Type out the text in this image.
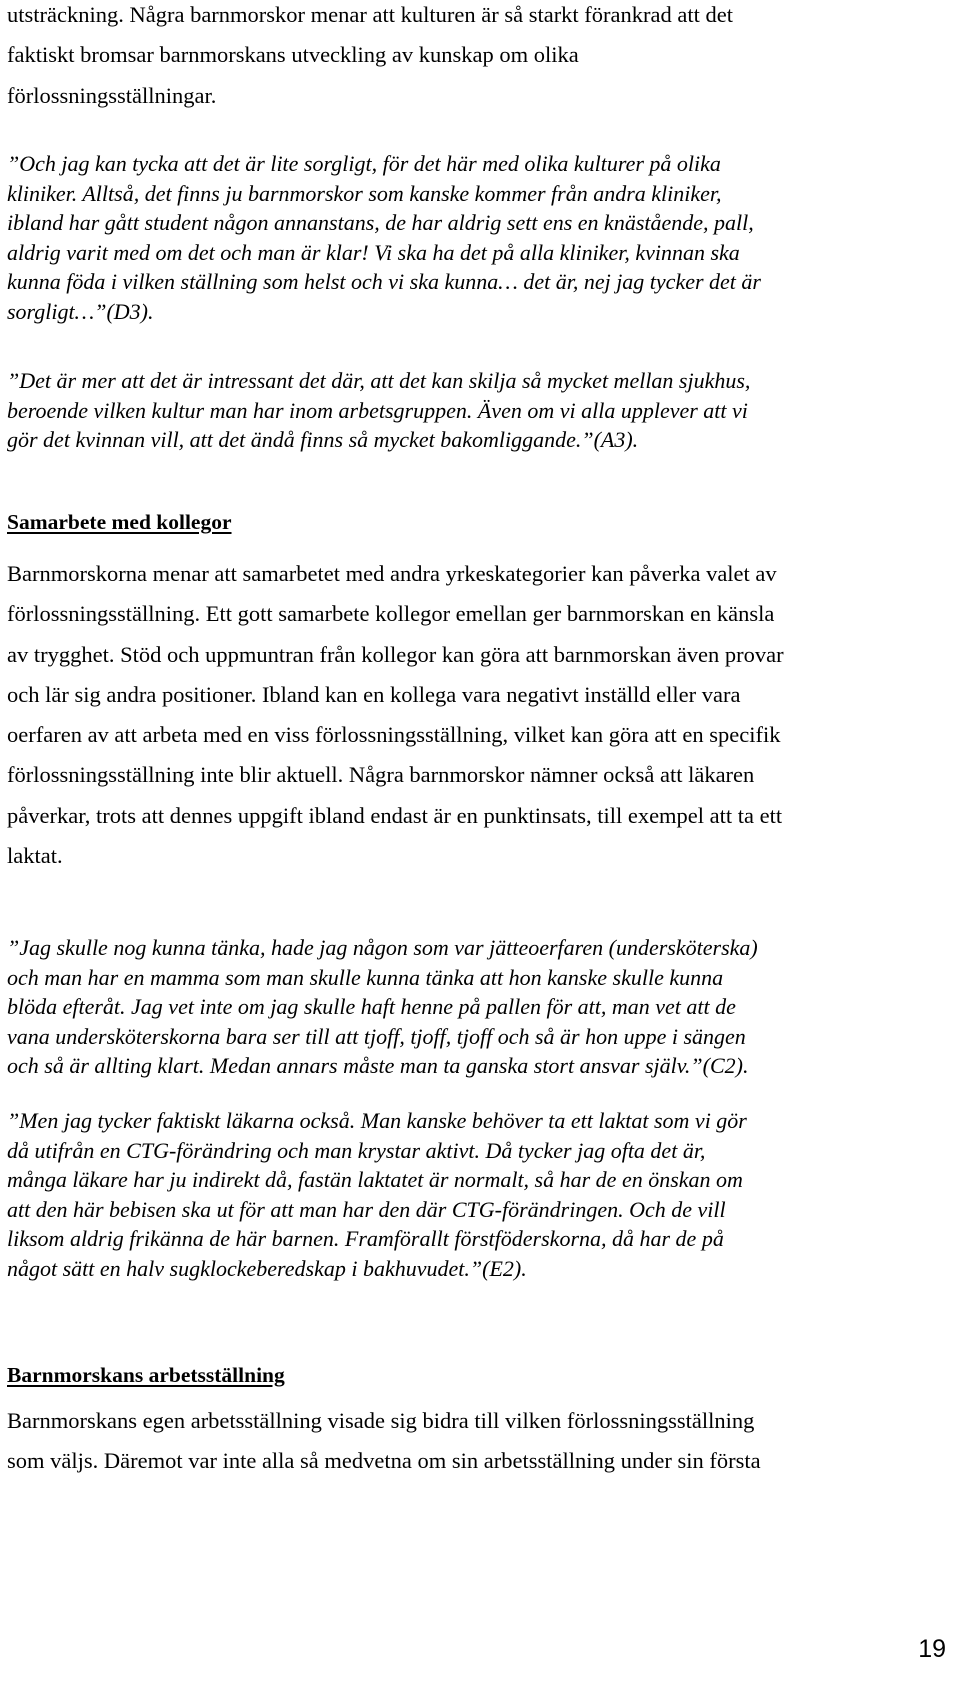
utsträckning. Några barnmorskor menar att kulturen är så starkt förankrad att det
faktiskt bromsar barnmorskans utveckling av kunskap om olika
förlossningsställningar.
”Och jag kan tycka att det är lite sorgligt, för det här med olika kulturer på olika
kliniker. Alltså, det finns ju barnmorskor som kanske kommer från andra kliniker,
ibland har gått student någon annanstans, de har aldrig sett ens en knästående, pall,
aldrig varit med om det och man är klar! Vi ska ha det på alla kliniker, kvinnan ska
kunna föda i vilken ställning som helst och vi ska kunna… det är, nej jag tycker det är
sorgligt…”(D3).
”Det är mer att det är intressant det där, att det kan skilja så mycket mellan sjukhus,
beroende vilken kultur man har inom arbetsgruppen. Även om vi alla upplever att vi
gör det kvinnan vill, att det ändå finns så mycket bakomliggande.”(A3).
Samarbete med kollegor
Barnmorskorna menar att samarbetet med andra yrkeskategorier kan påverka valet av
förlossningsställning. Ett gott samarbete kollegor emellan ger barnmorskan en känsla
av trygghet. Stöd och uppmuntran från kollegor kan göra att barnmorskan även provar
och lär sig andra positioner. Ibland kan en kollega vara negativt inställd eller vara
oerfaren av att arbeta med en viss förlossningsställning, vilket kan göra att en specifik
förlossningsställning inte blir aktuell. Några barnmorskor nämner också att läkaren
påverkar, trots att dennes uppgift ibland endast är en punktinsats, till exempel att ta ett
laktat.
”Jag skulle nog kunna tänka, hade jag någon som var jätteoerfaren (undersköterska)
och man har en mamma som man skulle kunna tänka att hon kanske skulle kunna
blöda efteråt. Jag vet inte om jag skulle haft henne på pallen för att, man vet att de
vana undersköterskorna bara ser till att tjoff, tjoff, tjoff och så är hon uppe i sängen
och så är allting klart. Medan annars måste man ta ganska stort ansvar själv.”(C2).
”Men jag tycker faktiskt läkarna också. Man kanske behöver ta ett laktat som vi gör
då utifrån en CTG-förändring och man krystar aktivt. Då tycker jag ofta det är,
många läkare har ju indirekt då, fastän laktatet är normalt, så har de en önskan om
att den här bebisen ska ut för att man har den där CTG-förändringen. Och de vill
liksom aldrig frikänna de här barnen. Framförallt förstföderskorna, då har de på
något sätt en halv sugklockeberedskap i bakhuvudet.”(E2).
Barnmorskans arbetsställning
Barnmorskans egen arbetsställning visade sig bidra till vilken förlossningsställning
som väljs. Däremot var inte alla så medvetna om sin arbetsställning under sin första
19
